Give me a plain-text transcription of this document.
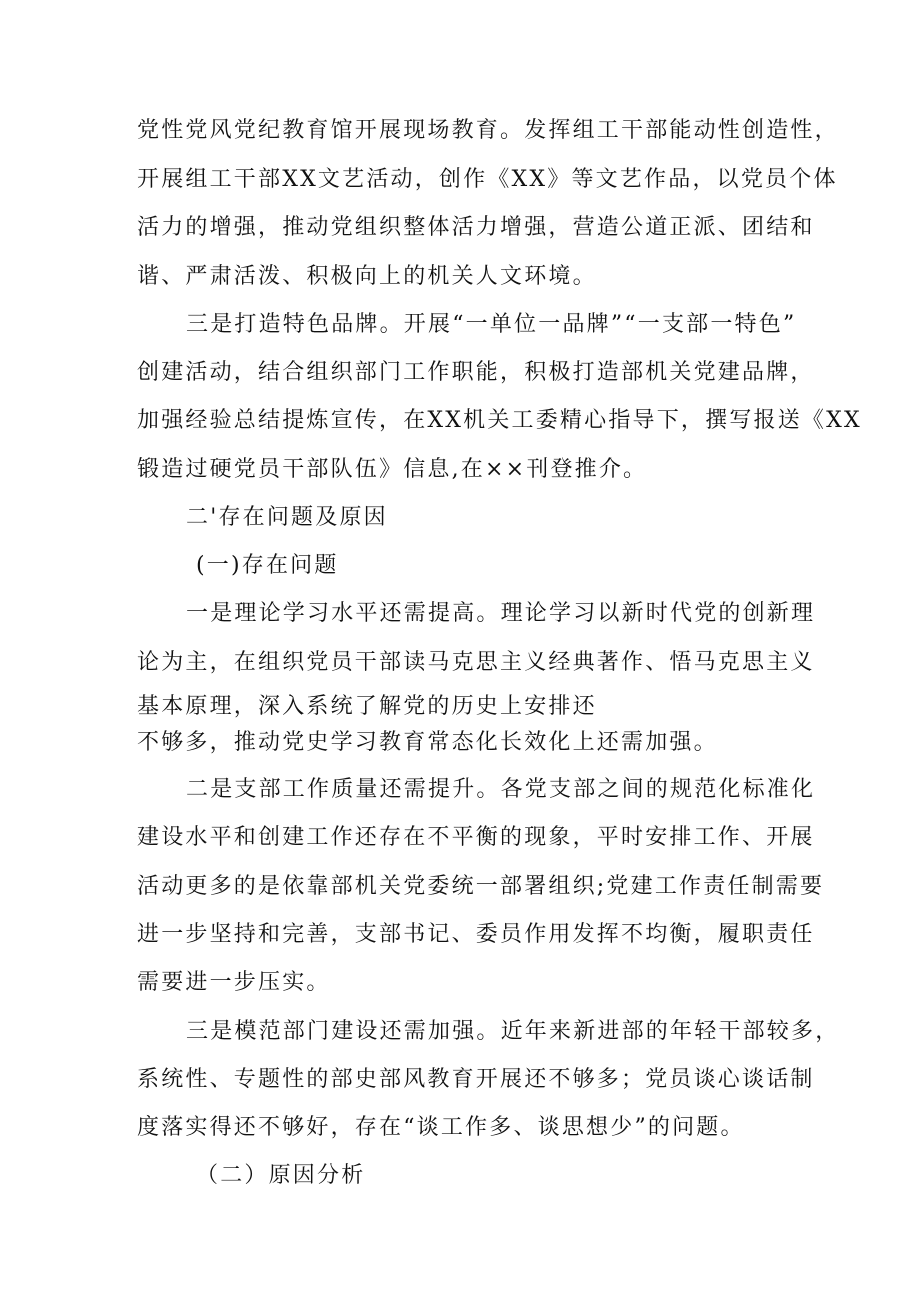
党性党风党纪教育馆开展现场教育。发挥组工干部能动性创造性，
开展组工干部XX文艺活动，创作《XX》等文艺作品，以党员个体
活力的增强，推动党组织整体活力增强，营造公道正派、团结和
谐、严肃活泼、积极向上的机关人文环境。
三是打造特色品牌。开展“一单位一品牌”“一支部一特色”
创建活动，结合组织部门工作职能，积极打造部机关党建品牌，
加强经验总结提炼宣传，在XX机关工委精心指导下，撰写报送《XX
锻造过硬党员干部队伍》信息,在××刊登推介。
二'存在问题及原因
(一)存在问题
一是理论学习水平还需提高。理论学习以新时代党的创新理
论为主，在组织党员干部读马克思主义经典著作、悟马克思主义
基本原理，深入系统了解党的历史上安排还
不够多，推动党史学习教育常态化长效化上还需加强。
二是支部工作质量还需提升。各党支部之间的规范化标准化
建设水平和创建工作还存在不平衡的现象，平时安排工作、开展
活动更多的是依靠部机关党委统一部署组织;党建工作责任制需要
进一步坚持和完善，支部书记、委员作用发挥不均衡，履职责任
需要进一步压实。
三是模范部门建设还需加强。近年来新进部的年轻干部较多，
系统性、专题性的部史部风教育开展还不够多；党员谈心谈话制
度落实得还不够好，存在“谈工作多、谈思想少”的问题。
（二）原因分析
